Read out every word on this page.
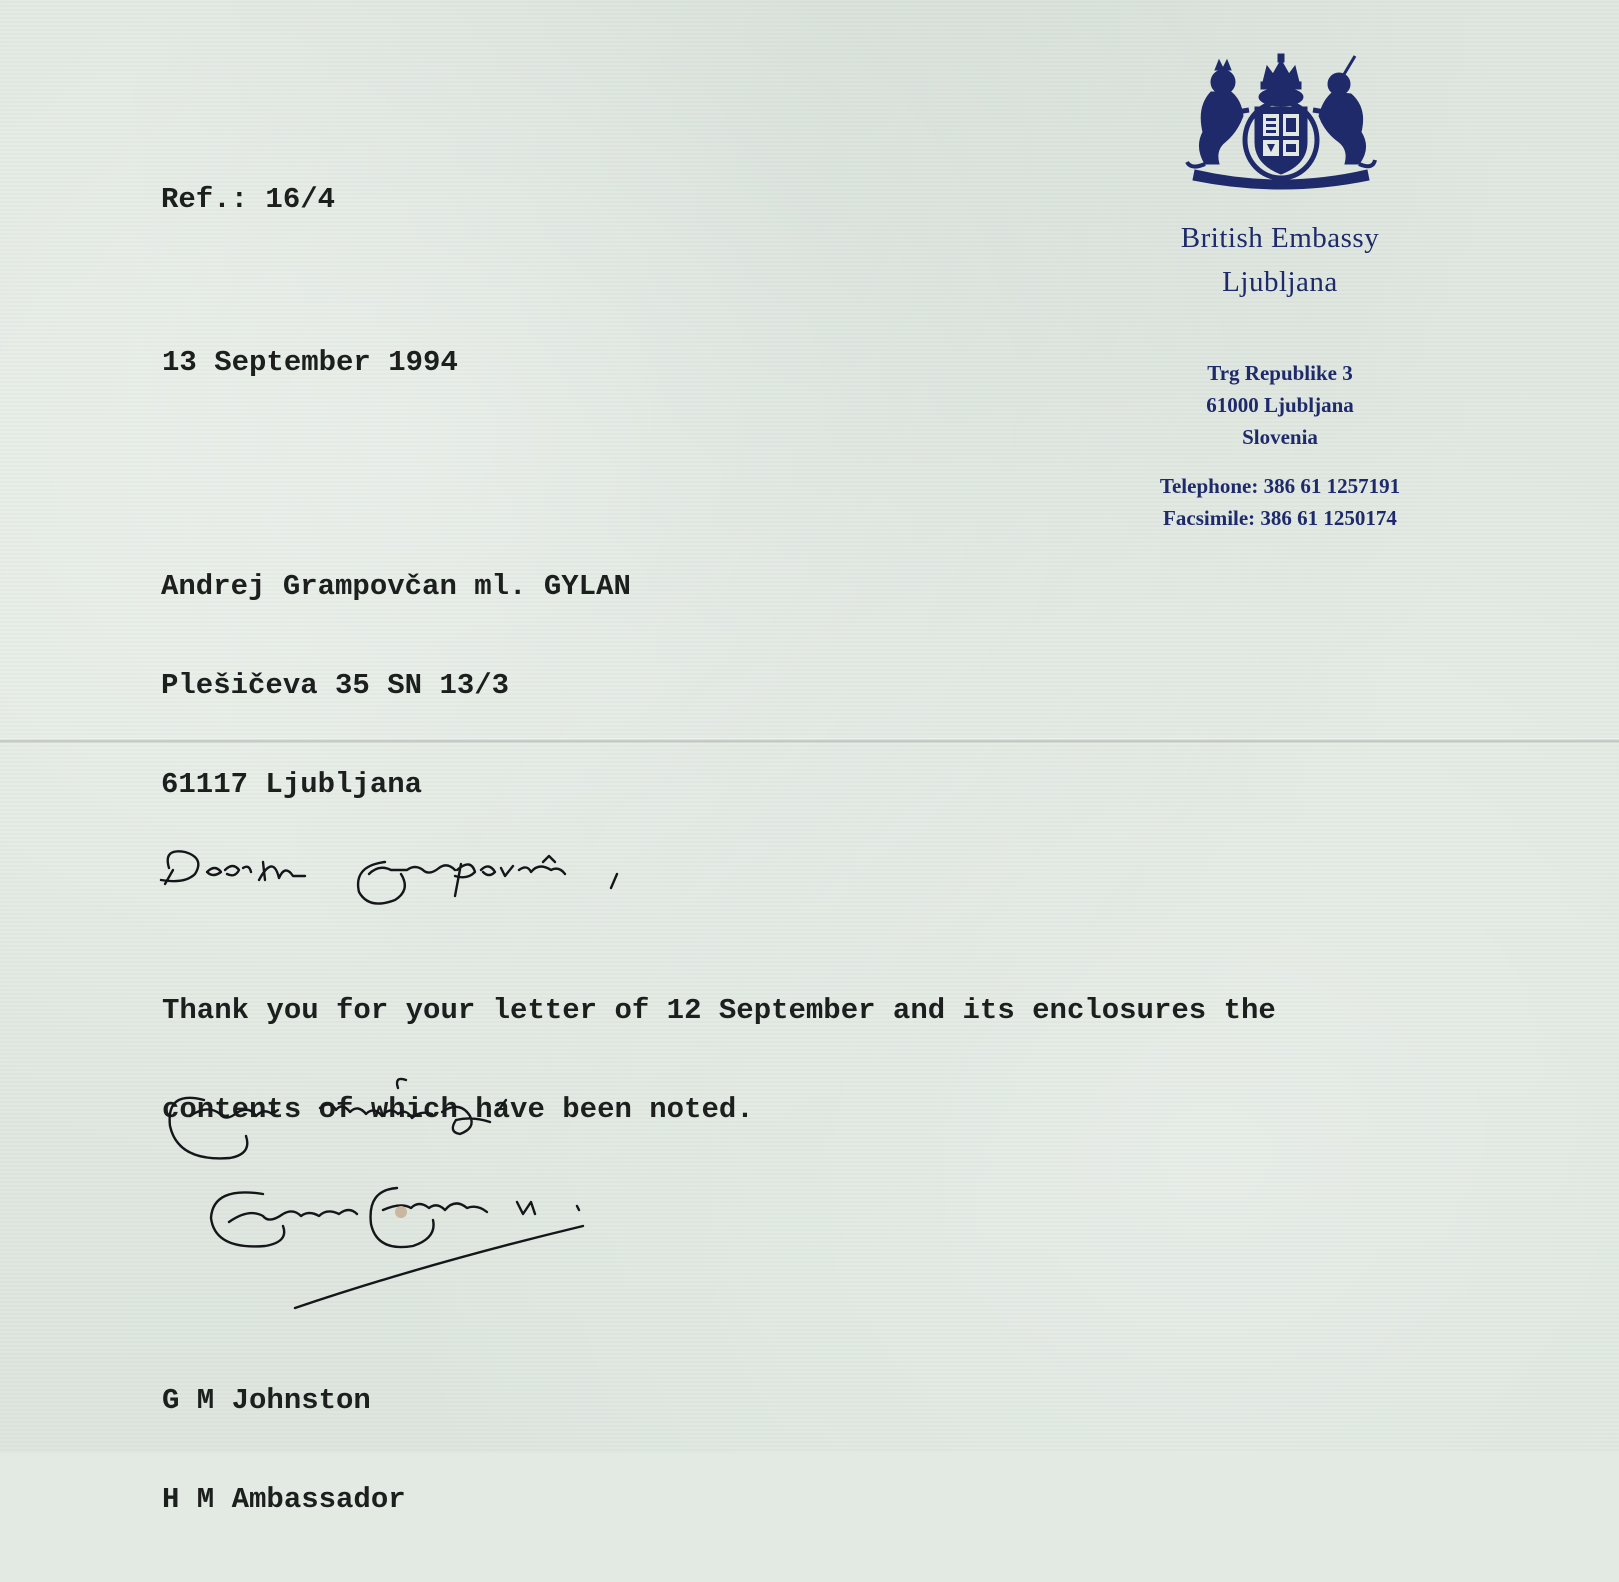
British Embassy
Ljubljana
Trg Republike 3
61000 Ljubljana
Slovenia
Telephone: 386 61 1257191
Facsimile: 386 61 1250174

Ref.: 16/4

13 September 1994

Andrej Grampovčan ml. GYLAN

Plešičeva 35 SN 13/3

61117 Ljubljana

Thank you for your letter of 12 September and its enclosures the

contents of which have been noted.

G M Johnston

H M Ambassador
